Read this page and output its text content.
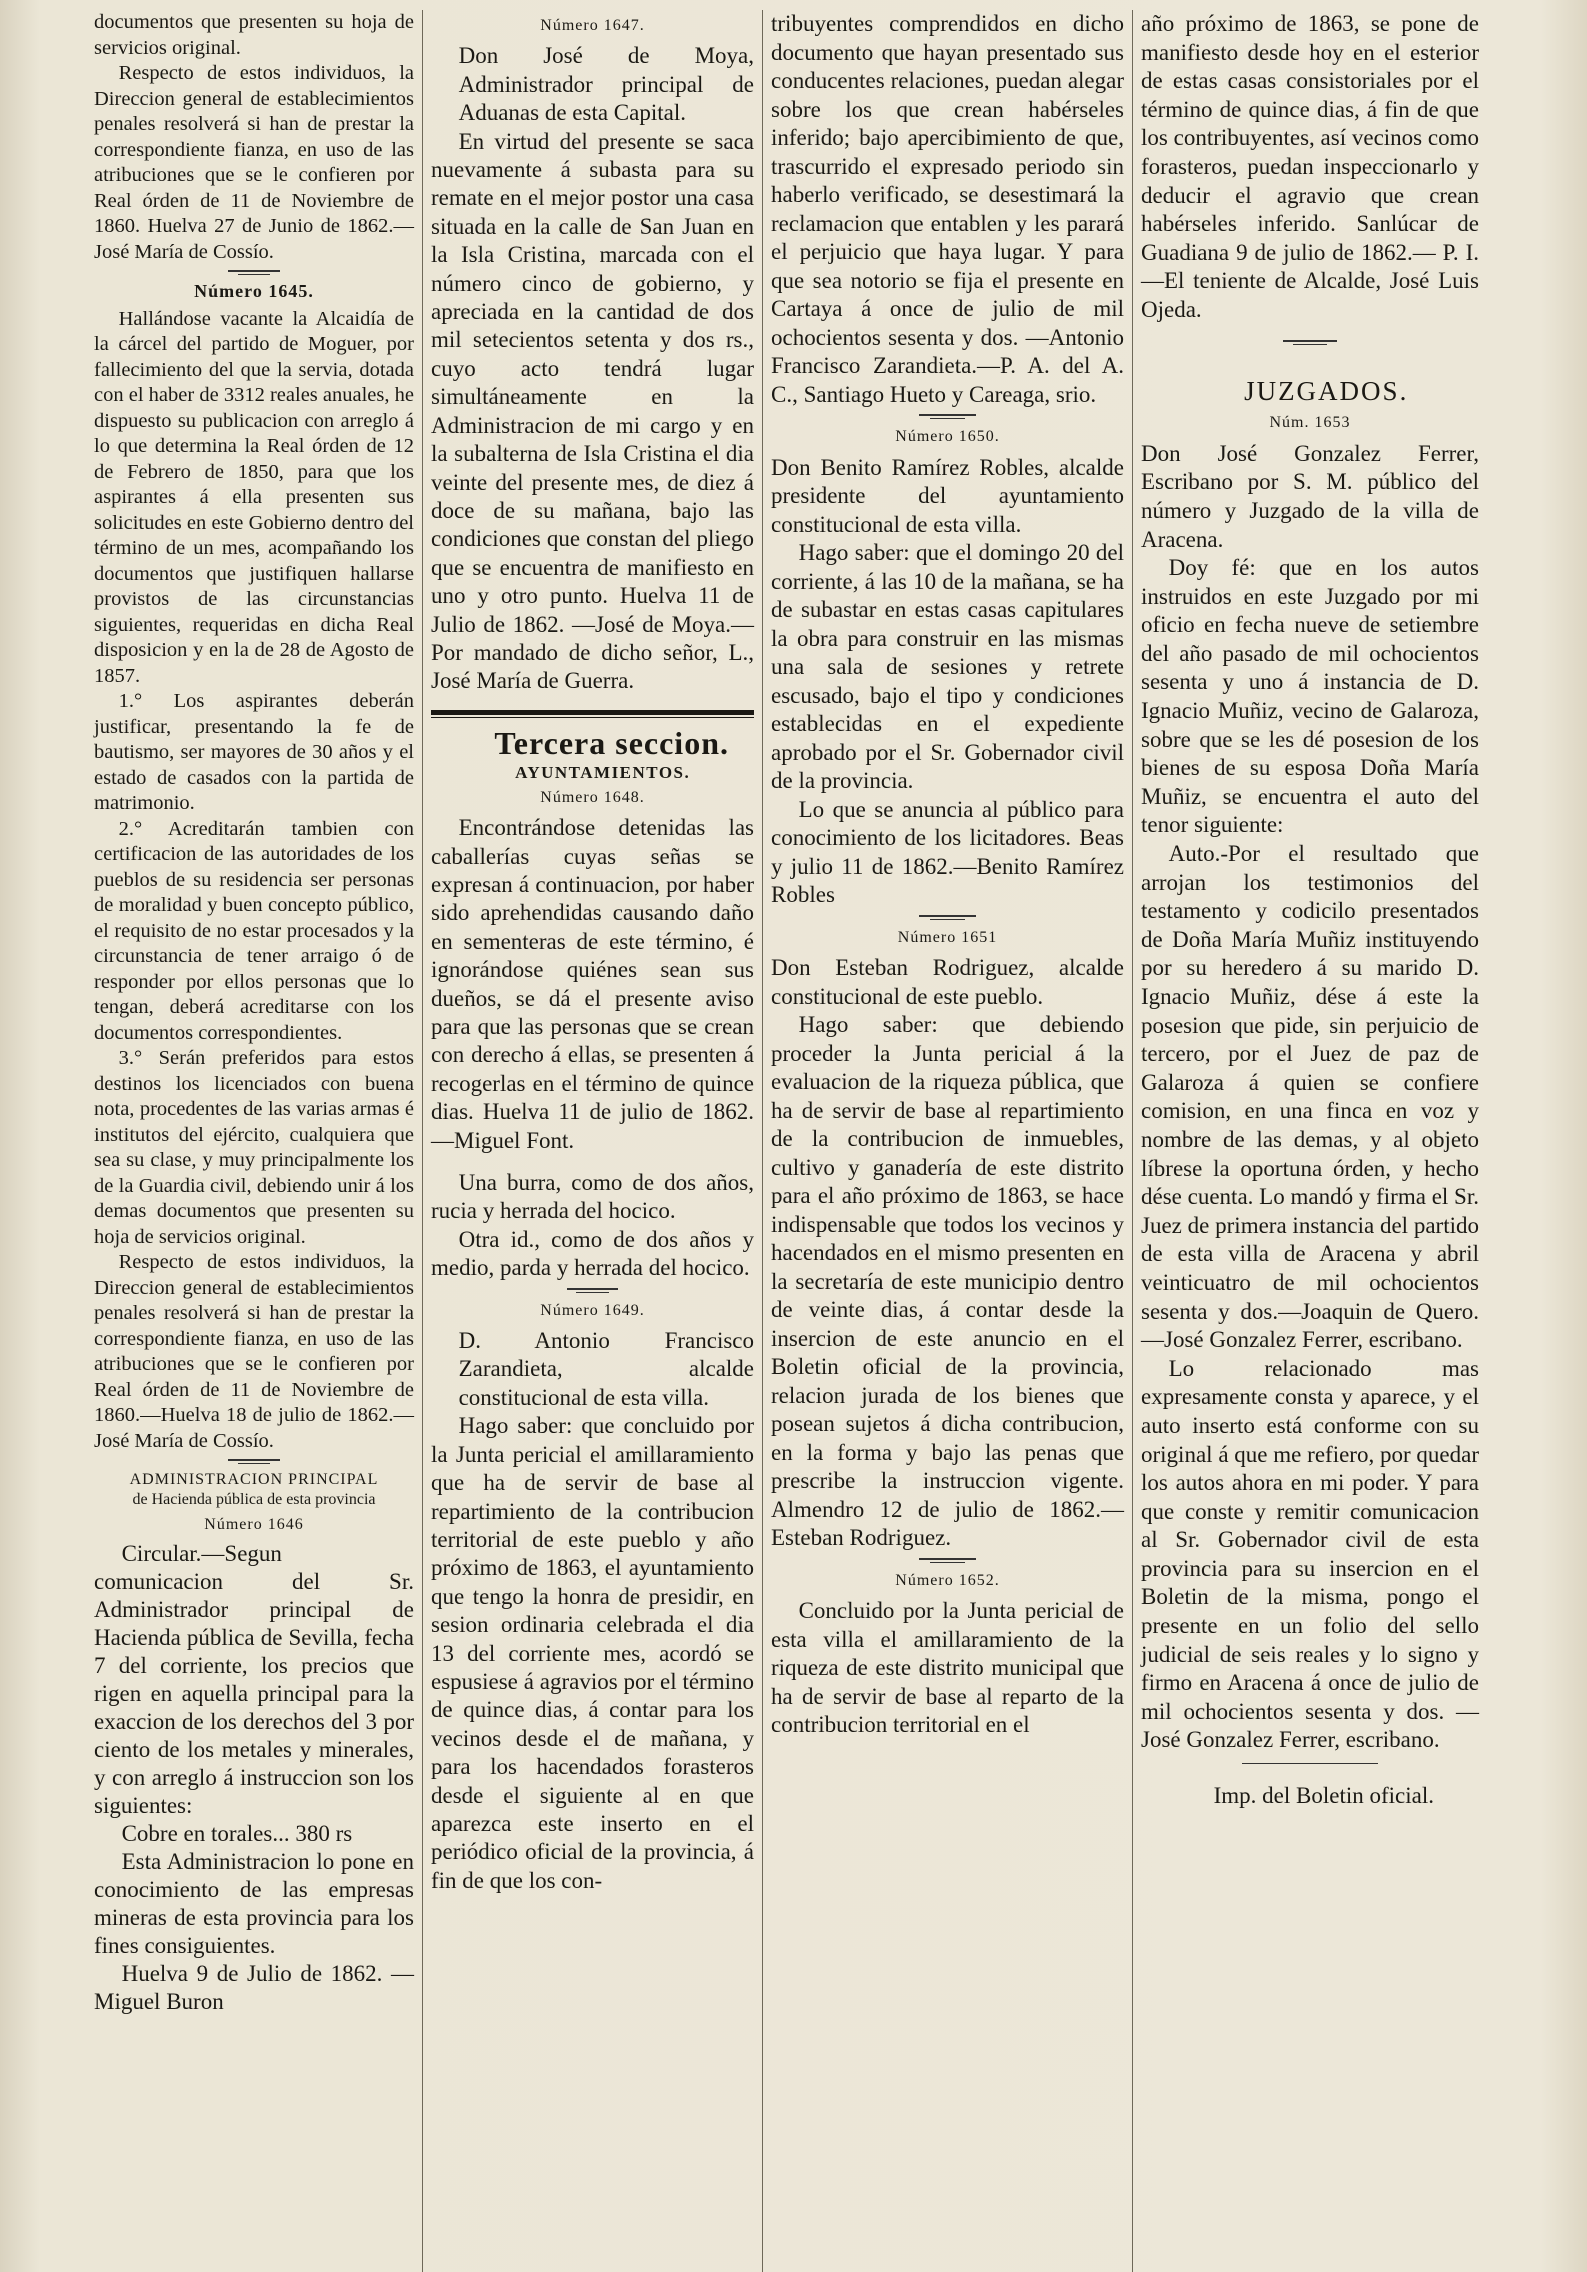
documentos que presenten su hoja de servicios original.

Respecto de estos individuos, la Direccion general de establecimientos penales resolverá si han de prestar la correspondiente fianza, en uso de las atribuciones que se le confieren por Real órden de 11 de Noviembre de 1860. Huelva 27 de Junio de 1862.—José María de Cossío.

Número 1645.

Hallándose vacante la Alcaidía de la cárcel del partido de Moguer, por fallecimiento del que la servia, dotada con el haber de 3312 reales anuales, he dispuesto su publicacion con arreglo á lo que determina la Real órden de 12 de Febrero de 1850, para que los aspirantes á ella presenten sus solicitudes en este Gobierno dentro del término de un mes, acompañando los documentos que justifiquen hallarse provistos de las circunstancias siguientes, requeridas en dicha Real disposicion y en la de 28 de Agosto de 1857.

1.° Los aspirantes deberán justificar, presentando la fe de bautismo, ser mayores de 30 años y el estado de casados con la partida de matrimonio.

2.° Acreditarán tambien con certificacion de las autoridades de los pueblos de su residencia ser personas de moralidad y buen concepto público, el requisito de no estar procesados y la circunstancia de tener arraigo ó de responder por ellos personas que lo tengan, deberá acreditarse con los documentos correspondientes.

3.° Serán preferidos para estos destinos los licenciados con buena nota, procedentes de las varias armas é institutos del ejército, cualquiera que sea su clase, y muy principalmente los de la Guardia civil, debiendo unir á los demas documentos que presenten su hoja de servicios original.

Respecto de estos individuos, la Direccion general de establecimientos penales resolverá si han de prestar la correspondiente fianza, en uso de las atribuciones que se le confieren por Real órden de 11 de Noviembre de 1860.—Huelva 18 de julio de 1862.—José María de Cossío.

ADMINISTRACION PRINCIPAL

de Hacienda pública de esta provincia

Número 1646

Circular.—Segun comunicacion del Sr. Administrador principal de Hacienda pública de Sevilla, fecha 7 del corriente, los precios que rigen en aquella principal para la exaccion de los derechos del 3 por ciento de los metales y minerales, y con arreglo á instruccion son los siguientes:

Cobre en torales... 380 rs

Esta Administracion lo pone en conocimiento de las empresas mineras de esta provincia para los fines consiguientes.

Huelva 9 de Julio de 1862. —Miguel Buron

Número 1647.

Don José de Moya, Administrador principal de Aduanas de esta Capital.

En virtud del presente se saca nuevamente á subasta para su remate en el mejor postor una casa situada en la calle de San Juan en la Isla Cristina, marcada con el número cinco de gobierno, y apreciada en la cantidad de dos mil setecientos setenta y dos rs., cuyo acto tendrá lugar simultáneamente en la Administracion de mi cargo y en la subalterna de Isla Cristina el dia veinte del presente mes, de diez á doce de su mañana, bajo las condiciones que constan del pliego que se encuentra de manifiesto en uno y otro punto. Huelva 11 de Julio de 1862. —José de Moya.—Por mandado de dicho señor, L., José María de Guerra.

Tercera seccion.

AYUNTAMIENTOS.

Número 1648.

Encontrándose detenidas las caballerías cuyas señas se expresan á continuacion, por haber sido aprehendidas causando daño en sementeras de este término, é ignorándose quiénes sean sus dueños, se dá el presente aviso para que las personas que se crean con derecho á ellas, se presenten á recogerlas en el término de quince dias. Huelva 11 de julio de 1862.—Miguel Font.

Una burra, como de dos años, rucia y herrada del hocico.

Otra id., como de dos años y medio, parda y herrada del hocico.

Número 1649.

D. Antonio Francisco Zarandieta, alcalde constitucional de esta villa.

Hago saber: que concluido por la Junta pericial el amillaramiento que ha de servir de base al repartimiento de la contribucion territorial de este pueblo y año próximo de 1863, el ayuntamiento que tengo la honra de presidir, en sesion ordinaria celebrada el dia 13 del corriente mes, acordó se espusiese á agravios por el término de quince dias, á contar para los vecinos desde el de mañana, y para los hacendados forasteros desde el siguiente al en que aparezca este inserto en el periódico oficial de la provincia, á fin de que los con-

tribuyentes comprendidos en dicho documento que hayan presentado sus conducentes relaciones, puedan alegar sobre los que crean habérseles inferido; bajo apercibimiento de que, trascurrido el expresado periodo sin haberlo verificado, se desestimará la reclamacion que entablen y les parará el perjuicio que haya lugar. Y para que sea notorio se fija el presente en Cartaya á once de julio de mil ochocientos sesenta y dos. —Antonio Francisco Zarandieta.—P. A. del A. C., Santiago Hueto y Careaga, srio.

Número 1650.

Don Benito Ramírez Robles, alcalde presidente del ayuntamiento constitucional de esta villa.

Hago saber: que el domingo 20 del corriente, á las 10 de la mañana, se ha de subastar en estas casas capitulares la obra para construir en las mismas una sala de sesiones y retrete escusado, bajo el tipo y condiciones establecidas en el expediente aprobado por el Sr. Gobernador civil de la provincia.

Lo que se anuncia al público para conocimiento de los licitadores. Beas y julio 11 de 1862.—Benito Ramírez Robles

Número 1651

Don Esteban Rodriguez, alcalde constitucional de este pueblo.

Hago saber: que debiendo proceder la Junta pericial á la evaluacion de la riqueza pública, que ha de servir de base al repartimiento de la contribucion de inmuebles, cultivo y ganadería de este distrito para el año próximo de 1863, se hace indispensable que todos los vecinos y hacendados en el mismo presenten en la secretaría de este municipio dentro de veinte dias, á contar desde la insercion de este anuncio en el Boletin oficial de la provincia, relacion jurada de los bienes que posean sujetos á dicha contribucion, en la forma y bajo las penas que prescribe la instruccion vigente. Almendro 12 de julio de 1862.—Esteban Rodriguez.

Número 1652.

Concluido por la Junta pericial de esta villa el amillaramiento de la riqueza de este distrito municipal que ha de servir de base al reparto de la contribucion territorial en el

año próximo de 1863, se pone de manifiesto desde hoy en el esterior de estas casas consistoriales por el término de quince dias, á fin de que los contribuyentes, así vecinos como forasteros, puedan inspeccionarlo y deducir el agravio que crean habérseles inferido. Sanlúcar de Guadiana 9 de julio de 1862.— P. I.—El teniente de Alcalde, José Luis Ojeda.

JUZGADOS.

Núm. 1653

Don José Gonzalez Ferrer, Escribano por S. M. público del número y Juzgado de la villa de Aracena.

Doy fé: que en los autos instruidos en este Juzgado por mi oficio en fecha nueve de setiembre del año pasado de mil ochocientos sesenta y uno á instancia de D. Ignacio Muñiz, vecino de Galaroza, sobre que se les dé posesion de los bienes de su esposa Doña María Muñiz, se encuentra el auto del tenor siguiente:

Auto.-Por el resultado que arrojan los testimonios del testamento y codicilo presentados de Doña María Muñiz instituyendo por su heredero á su marido D. Ignacio Muñiz, dése á este la posesion que pide, sin perjuicio de tercero, por el Juez de paz de Galaroza á quien se confiere comision, en una finca en voz y nombre de las demas, y al objeto líbrese la oportuna órden, y hecho dése cuenta. Lo mandó y firma el Sr. Juez de primera instancia del partido de esta villa de Aracena y abril veinticuatro de mil ochocientos sesenta y dos.—Joaquin de Quero.—José Gonzalez Ferrer, escribano.

Lo relacionado mas expresamente consta y aparece, y el auto inserto está conforme con su original á que me refiero, por quedar los autos ahora en mi poder. Y para que conste y remitir comunicacion al Sr. Gobernador civil de esta provincia para su insercion en el Boletin de la misma, pongo el presente en un folio del sello judicial de seis reales y lo signo y firmo en Aracena á once de julio de mil ochocientos sesenta y dos. —José Gonzalez Ferrer, escribano.

Imp. del Boletin oficial.
